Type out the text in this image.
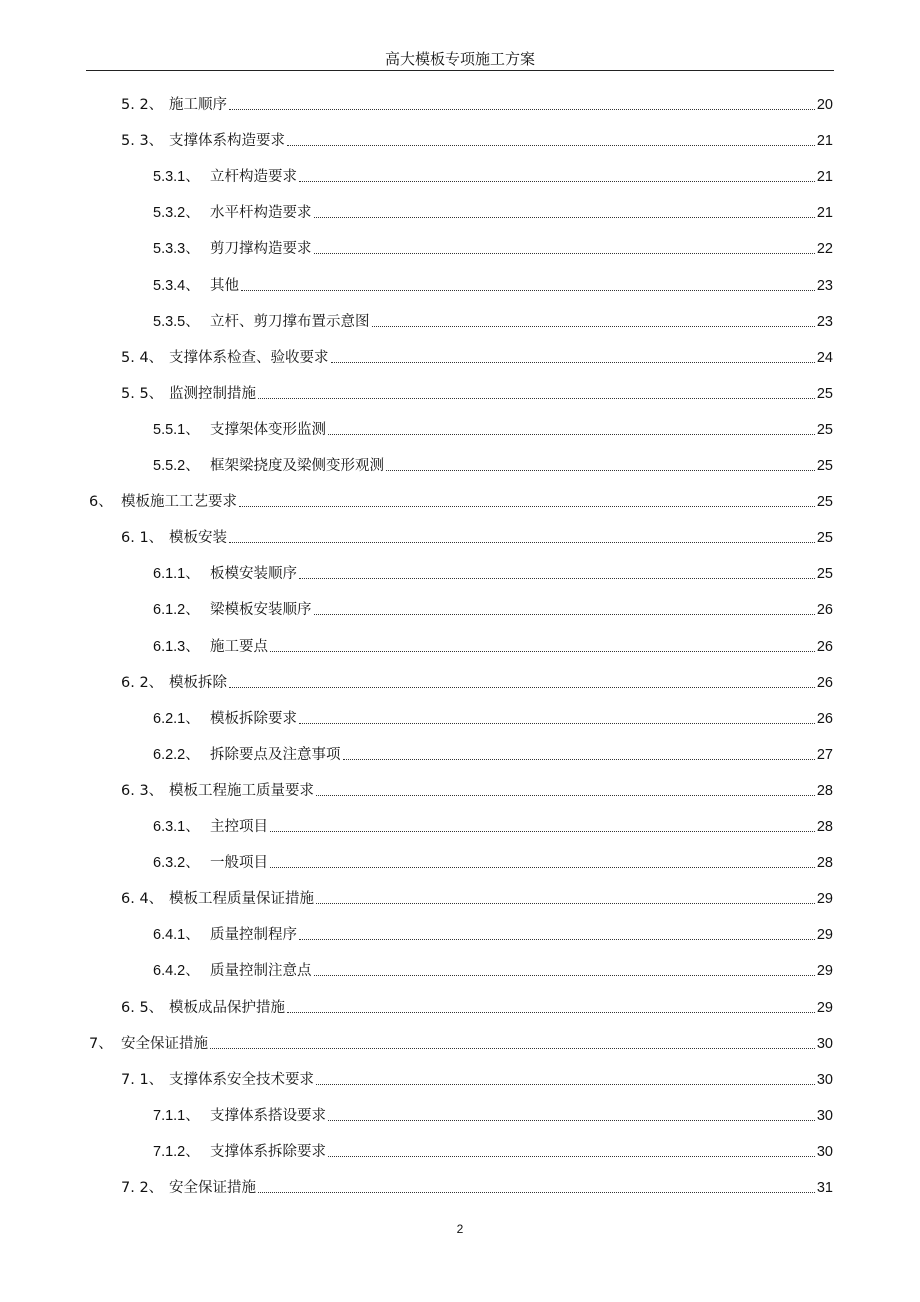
高大模板专项施工方案
5. 2、 施工顺序	20
5. 3、 支撑体系构造要求	21
5.3.1、 立杆构造要求	21
5.3.2、 水平杆构造要求	21
5.3.3、 剪刀撑构造要求	22
5.3.4、 其他	23
5.3.5、 立杆、剪刀撑布置示意图	23
5. 4、 支撑体系检查、验收要求	24
5. 5、 监测控制措施	25
5.5.1、 支撑架体变形监测	25
5.5.2、 框架梁挠度及梁侧变形观测	25
6、 模板施工工艺要求	25
6. 1、 模板安装	25
6.1.1、 板模安装顺序	25
6.1.2、 梁模板安装顺序	26
6.1.3、 施工要点	26
6. 2、 模板拆除	26
6.2.1、 模板拆除要求	26
6.2.2、 拆除要点及注意事项	27
6. 3、 模板工程施工质量要求	28
6.3.1、 主控项目	28
6.3.2、 一般项目	28
6. 4、 模板工程质量保证措施	29
6.4.1、 质量控制程序	29
6.4.2、 质量控制注意点	29
6. 5、 模板成品保护措施	29
7、 安全保证措施	30
7. 1、 支撑体系安全技术要求	30
7.1.1、 支撑体系搭设要求	30
7.1.2、 支撑体系拆除要求	30
7. 2、 安全保证措施	31
2
